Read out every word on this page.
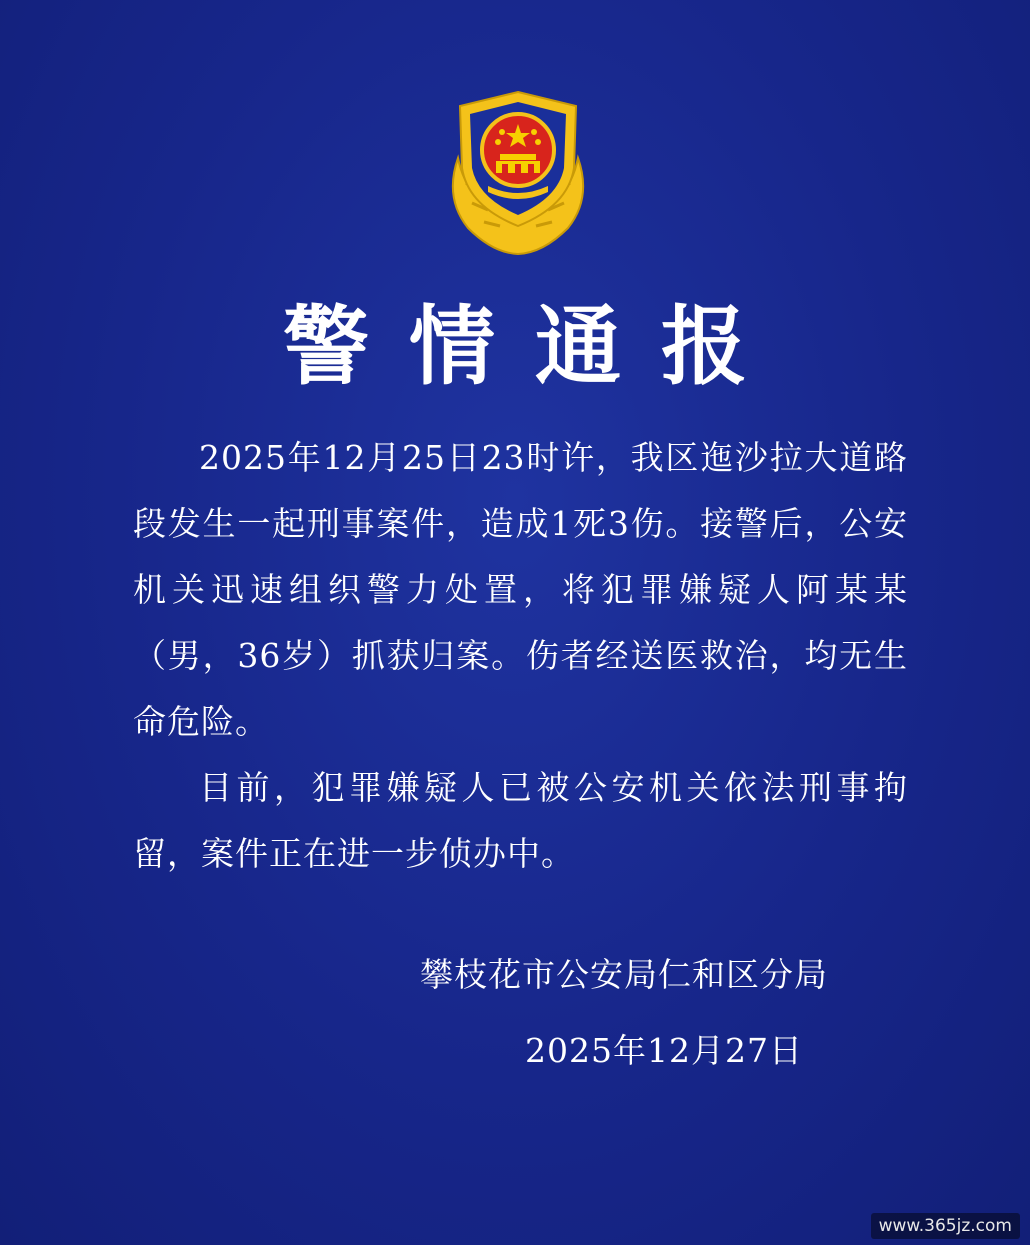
警情通报

2025年12月25日23时许，我区迤沙拉大道路段发生一起刑事案件，造成1死3伤。接警后，公安机关迅速组织警力处置，将犯罪嫌疑人阿某某（男，36岁）抓获归案。伤者经送医救治，均无生命危险。

目前，犯罪嫌疑人已被公安机关依法刑事拘留，案件正在进一步侦办中。

攀枝花市公安局仁和区分局
2025年12月27日
www.365jz.com
